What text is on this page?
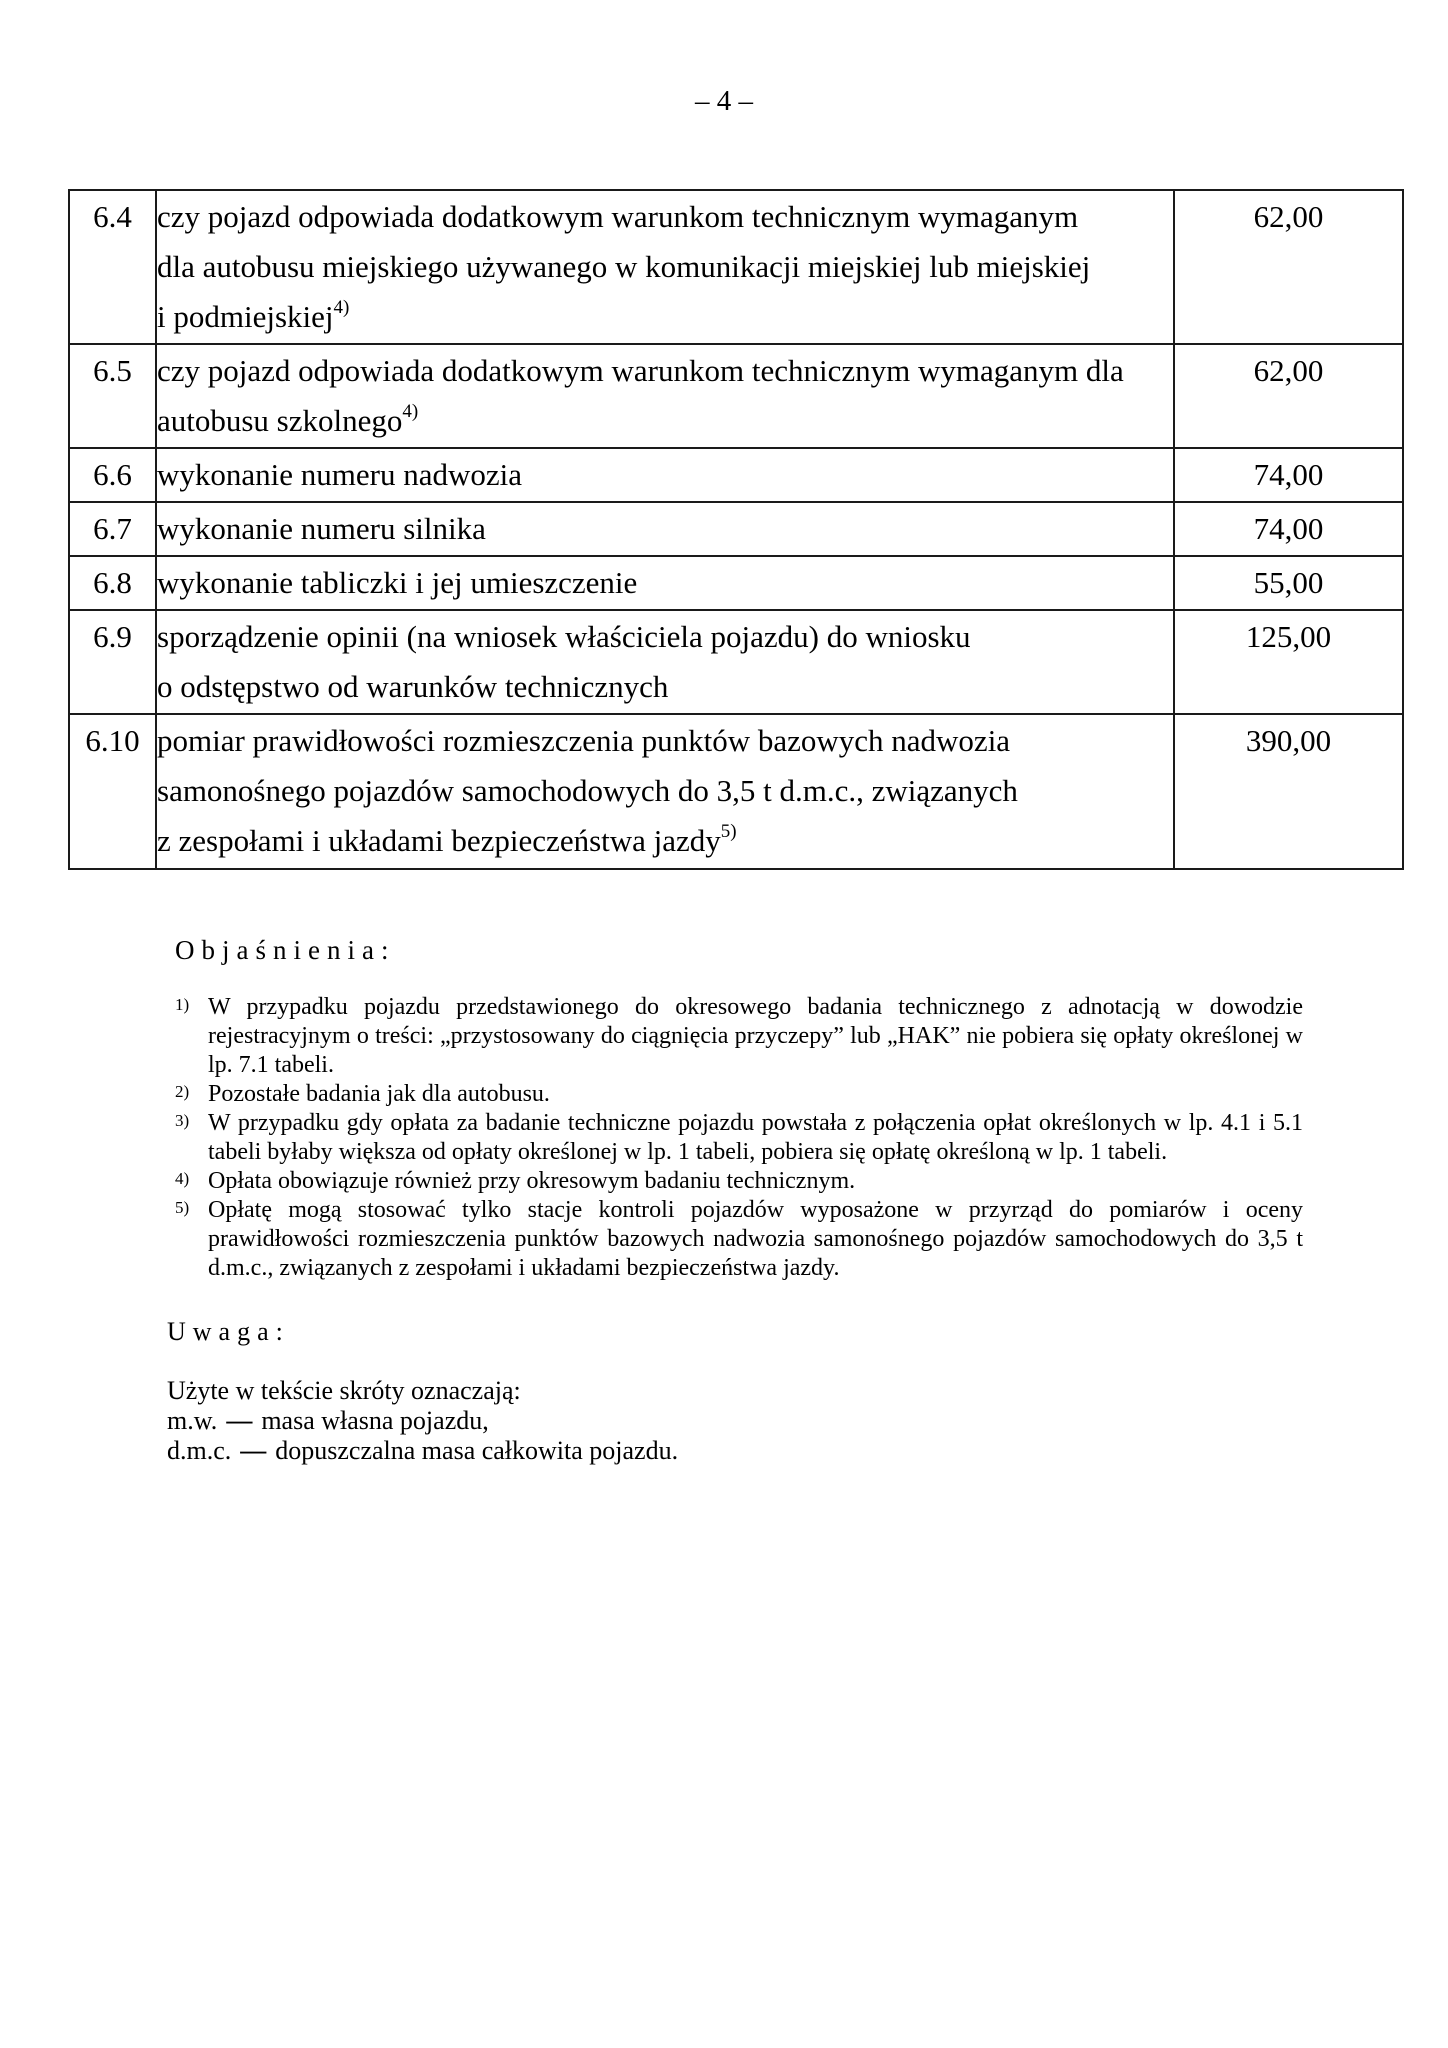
– 4 –
6.4	czy pojazd odpowiada dodatkowym warunkom technicznym wymaganym
dla autobusu miejskiego używanego w komunikacji miejskiej lub miejskiej
i podmiejskiej$^{4)}$	62,00
6.5	czy pojazd odpowiada dodatkowym warunkom technicznym wymaganym dla
autobusu szkolnego$^{4)}$	62,00
6.6	wykonanie numeru nadwozia	74,00
6.7	wykonanie numeru silnika	74,00
6.8	wykonanie tabliczki i jej umieszczenie	55,00
6.9	sporządzenie opinii (na wniosek właściciela pojazdu) do wniosku
o odstępstwo od warunków technicznych	125,00
6.10	pomiar prawidłowości rozmieszczenia punktów bazowych nadwozia
samonośnego pojazdów samochodowych do 3,5 t d.m.c., związanych
z zespołami i układami bezpieczeństwa jazdy$^{5)}$	390,00
Objaśnienia:
1) W przypadku pojazdu przedstawionego do okresowego badania technicznego z adnotacją w dowodzie rejestracyjnym o treści: „przystosowany do ciągnięcia przyczepy” lub „HAK” nie pobiera się opłaty określonej w lp. 7.1 tabeli.
2) Pozostałe badania jak dla autobusu.
3) W przypadku gdy opłata za badanie techniczne pojazdu powstała z połączenia opłat określonych w lp. 4.1 i 5.1 tabeli byłaby większa od opłaty określonej w lp. 1 tabeli, pobiera się opłatę określoną w lp. 1 tabeli.
4) Opłata obowiązuje również przy okresowym badaniu technicznym.
5) Opłatę mogą stosować tylko stacje kontroli pojazdów wyposażone w przyrząd do pomiarów i oceny prawidłowości rozmieszczenia punktów bazowych nadwozia samonośnego pojazdów samochodowych do 3,5 t d.m.c., związanych z zespołami i układami bezpieczeństwa jazdy.
Uwaga:
Użyte w tekście skróty oznaczają:
m.w. — masa własna pojazdu,
d.m.c. — dopuszczalna masa całkowita pojazdu.
